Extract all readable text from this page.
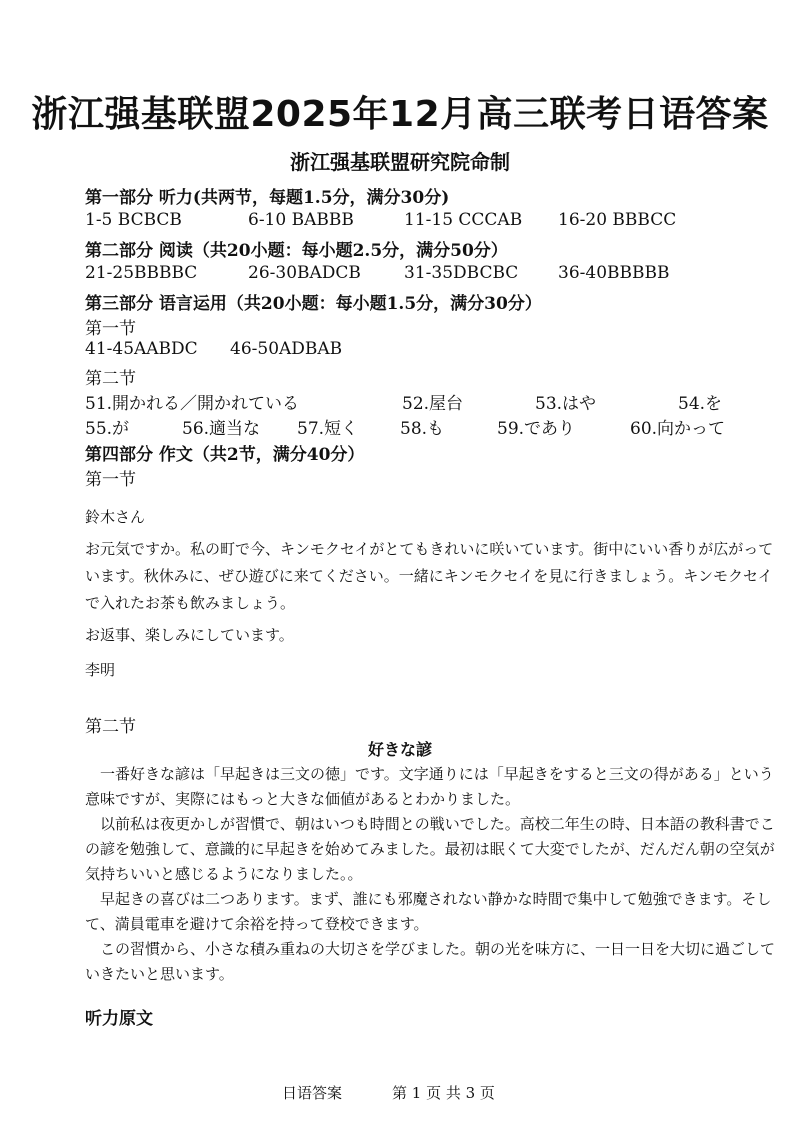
浙江强基联盟2025年12月高三联考日语答案
浙江强基联盟研究院命制
第一部分 听力(共两节，每题1.5分，满分30分)
1-5 BCBCB	6-10 BABBB	11-15 CCCAB 16-20 BBBCC
第二部分 阅读（共20小题：每小题2.5分，满分50分）
21-25BBBBC	26-30BADCB	31-35DBCBC 36-40BBBBB
第三部分 语言运用（共20小题：每小题1.5分，满分30分）
第一节
41-45AABDC 46-50ADBAB
第二节
51.開かれる／開かれている	52.屋台	53.はや	54.を
55.が	56.適当な 57.短く 58.も	59.であり	60.向かって
第四部分 作文（共2节，满分40分）
第一节
鈴木さん
お元気ですか。私の町で今、キンモクセイがとてもきれいに咲いています。街中にいい香りが広がっています。秋休みに、ぜひ遊びに来てください。一緒にキンモクセイを見に行きましょう。キンモクセイで入れたお茶も飲みましょう。
お返事、楽しみにしています。
李明
第二节
好きな諺

一番好きな諺は「早起きは三文の徳」です。文字通りには「早起きをすると三文の得がある」という意味ですが、実際にはもっと大きな価値があるとわかりました。

以前私は夜更かしが習慣で、朝はいつも時間との戦いでした。高校二年生の時、日本語の教科書でこの諺を勉強して、意識的に早起きを始めてみました。最初は眠くて大変でしたが、だんだん朝の空気が気持ちいいと感じるようになりました。。

早起きの喜びは二つあります。まず、誰にも邪魔されない静かな時間で集中して勉強できます。そして、満員電車を避けて余裕を持って登校できます。

この習慣から、小さな積み重ねの大切さを学びました。朝の光を味方に、一日一日を大切に過ごしていきたいと思います。

听力原文
日语答案	第 1 页 共 3 页
